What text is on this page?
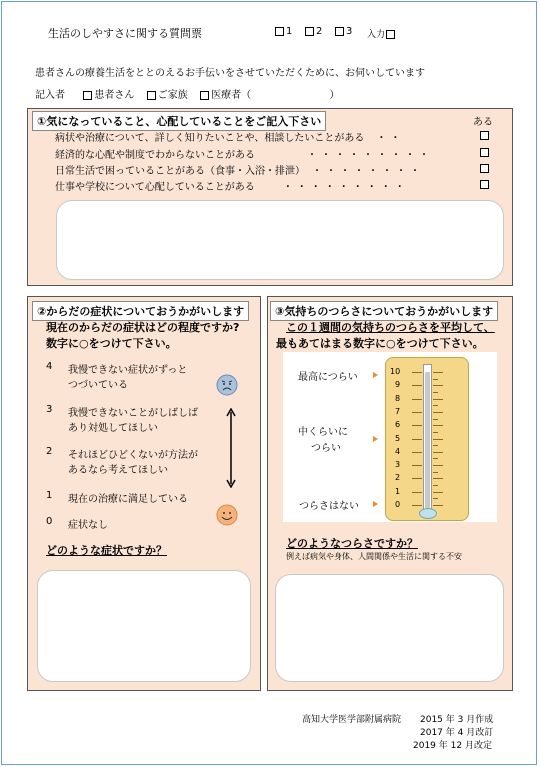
生活のしやすさに関する質問票	1	2	3 入力
患者さんの療養生活をととのえるお手伝いをさせていただくために、お伺いしています
記入者	患者さん ご家族 医療者（	）
①気になっていること、心配していることをご記入下さい	ある
病状や治療について、詳しく知りたいことや、相談したいことがある ・・
経済的な心配や制度でわからないことがある	・・・・・・・・・
日常生活で困っていることがある（食事・入浴・排泄） ・・・・・・・・
仕事や学校について心配していることがある	・・・・・・・・・
②からだの症状についておうかがいします
現在のからだの症状はどの程度ですか?
数字に○をつけて下さい。
4 我慢できない症状がずっと
つづいている
3 我慢できないことがしばしば
あり対処してほしい
2 それほどひどくないが方法が
あるなら考えてほしい
1 現在の治療に満足している
0 症状なし
どのような症状ですか？
③気持ちのつらさについておうかがいします
この１週間の気持ちのつらさを平均して、
最もあてはまる数字に○をつけて下さい。
最高につらい
中くらいに
つらい
つらさはない
10
9
8
7
6
5
4
3
2
1
0
どのようなつらさですか？
例えば病気や身体、人間関係や生活に関する不安
高知大学医学部附属病院 2015 年 3 月作成
2017 年 4 月改訂
2019 年 12 月改定
